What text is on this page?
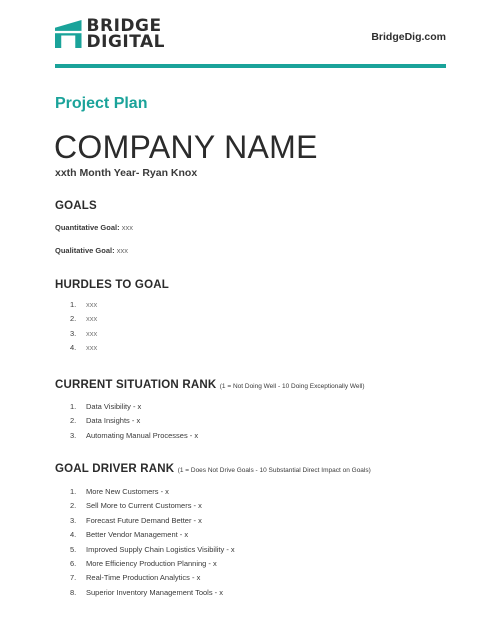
BRIDGE
DIGITAL	BridgeDig.com
Project Plan
COMPANY NAME
xxth Month Year- Ryan Knox
GOALS
Quantitative Goal: xxx
Qualitative Goal: xxx
HURDLES TO GOAL
1.	xxx
2.	xxx
3.	xxx
4.	xxx
CURRENT SITUATION RANK (1 = Not Doing Well - 10 Doing Exceptionally Well)
1.	Data Visibility - x
2.	Data Insights - x
3.	Automating Manual Processes - x
GOAL DRIVER RANK (1 = Does Not Drive Goals - 10 Substantial Direct Impact on Goals)
1.	More New Customers - x
2.	Sell More to Current Customers - x
3.	Forecast Future Demand Better - x
4.	Better Vendor Management - x
5.	Improved Supply Chain Logistics Visibility - x
6.	More Efficiency Production Planning - x
7.	Real-Time Production Analytics - x
8.	Superior Inventory Management Tools - x
